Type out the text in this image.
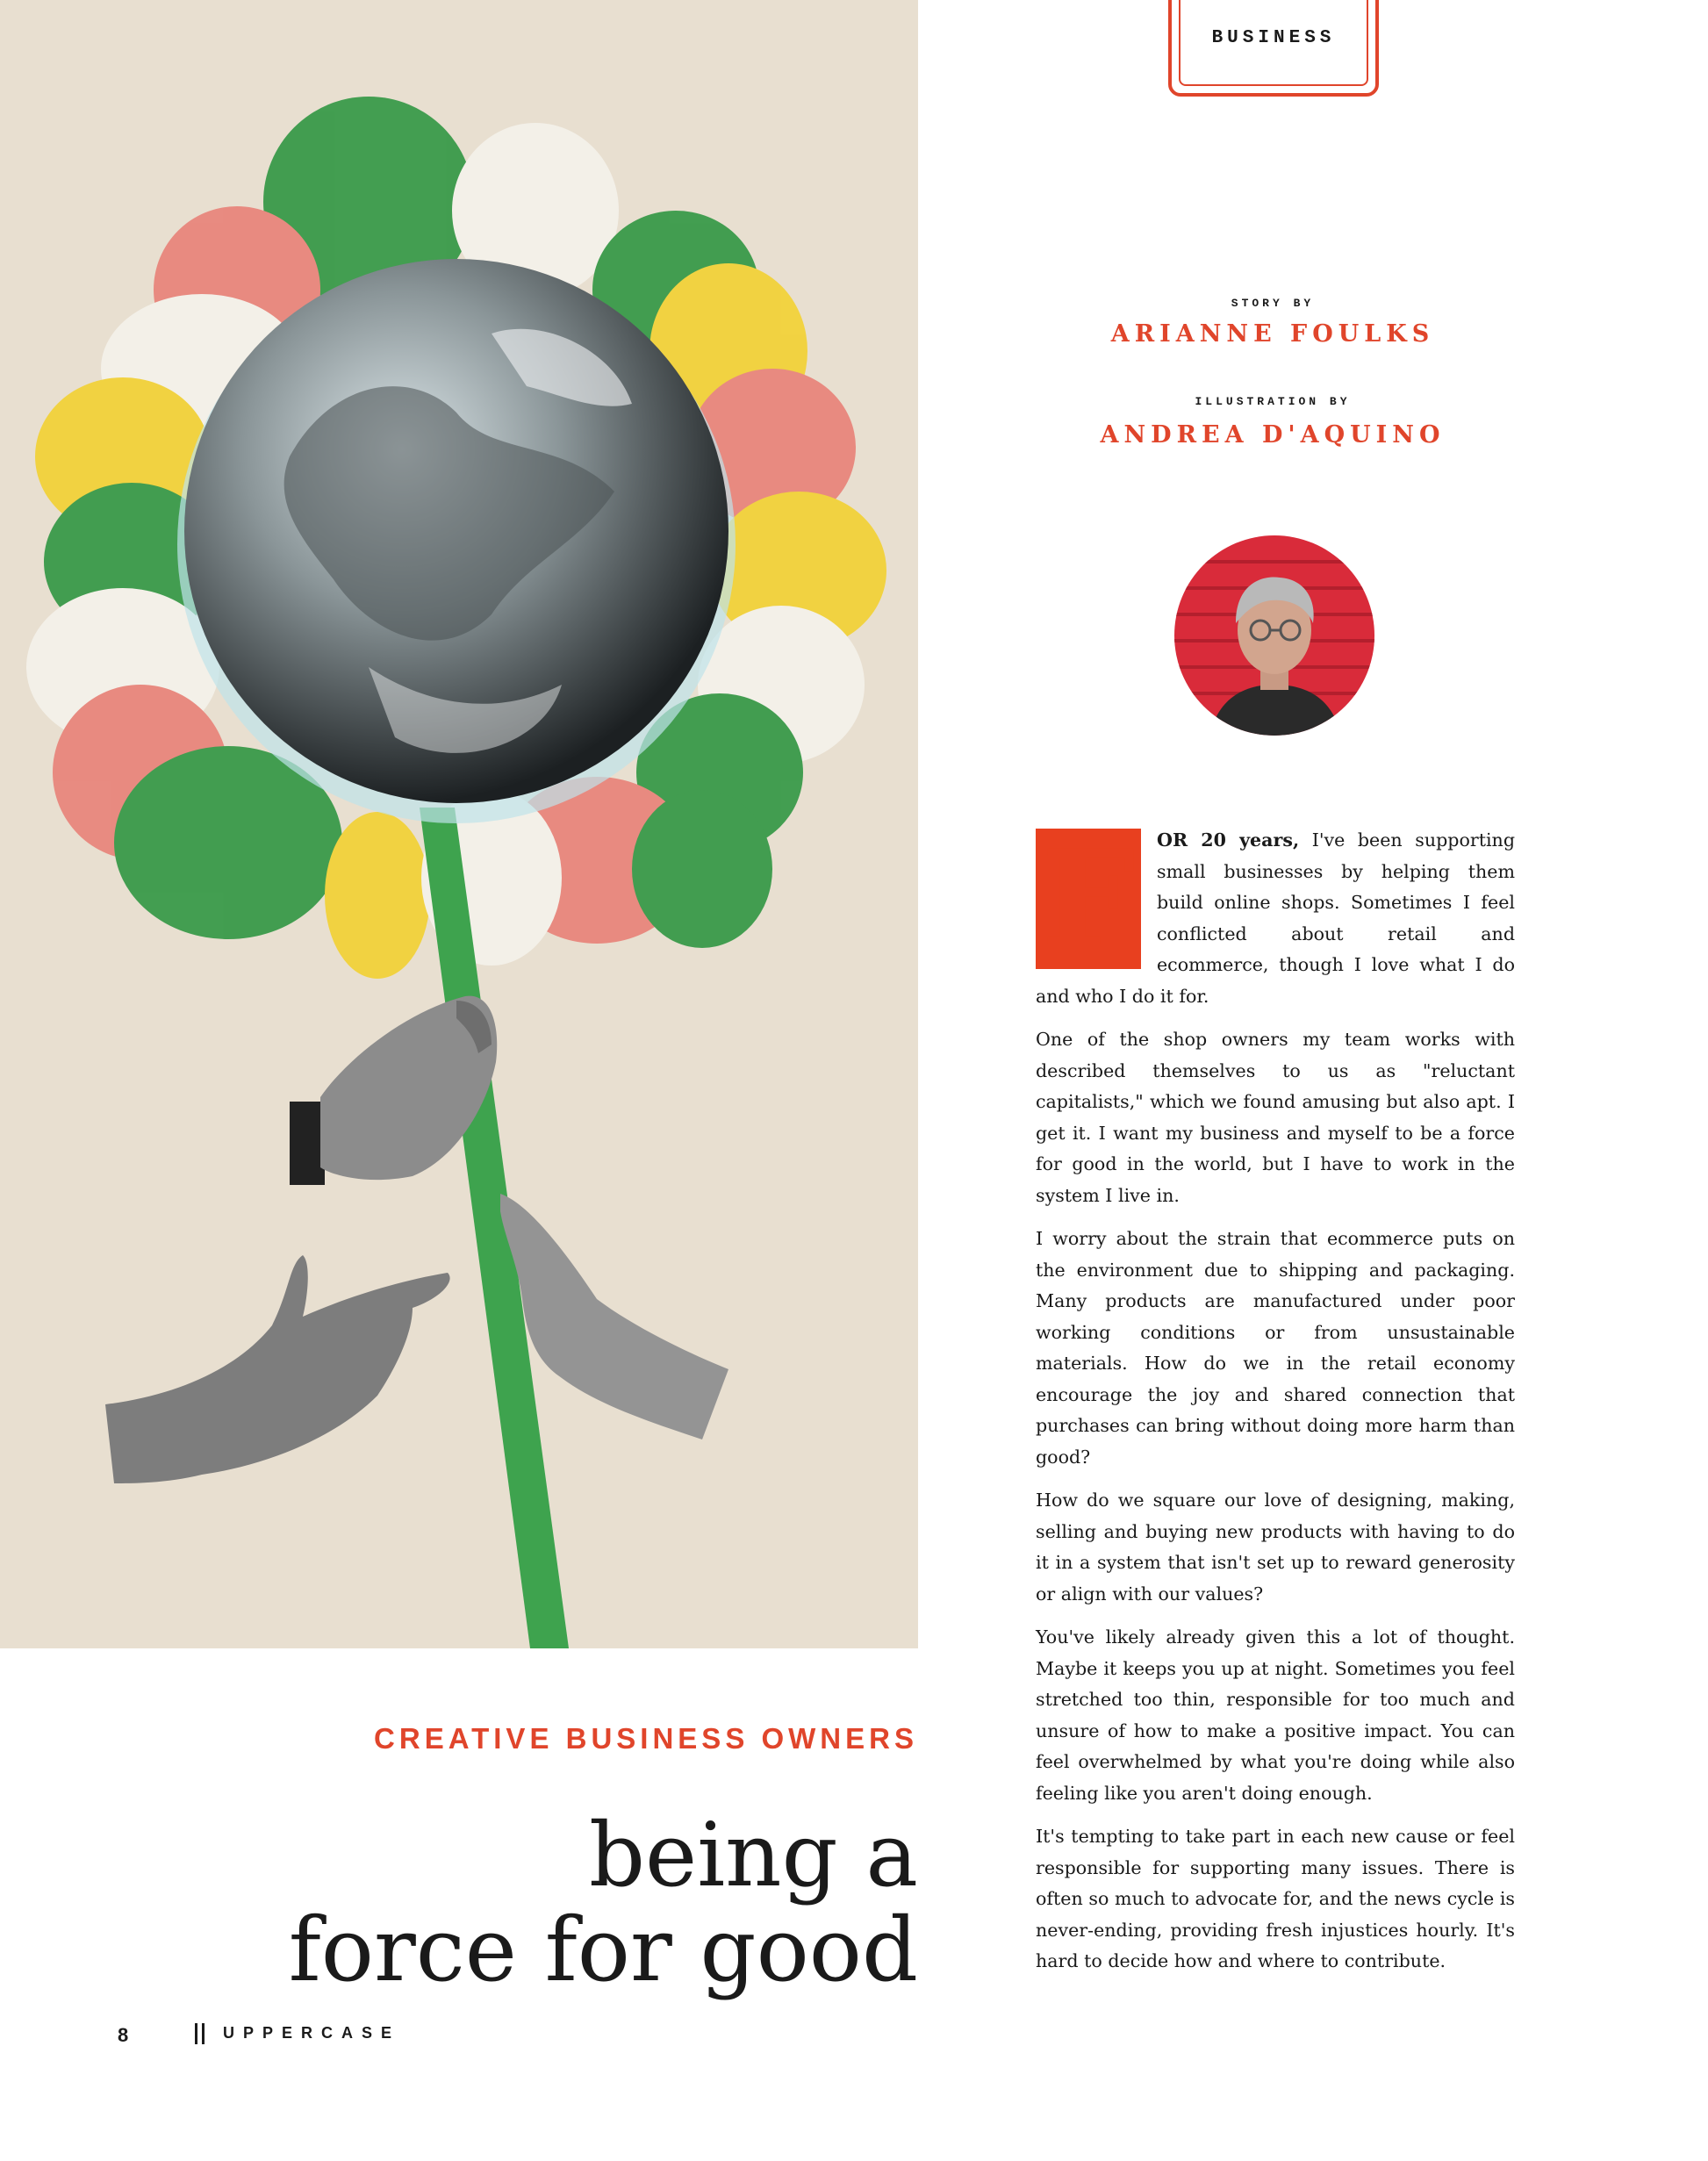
BUSINESS
STORY BY
ARIANNE FOULKS
ILLUSTRATION BY
ANDREA D'AQUINO
CREATIVE BUSINESS OWNERS
being a
force for good

F OR 20 years, I've been supporting small businesses by helping them build online shops. Sometimes I feel conflicted about retail and ecommerce, though I love what I do and who I do it for.

One of the shop owners my team works with described themselves to us as "reluctant capitalists," which we found amusing but also apt. I get it. I want my business and myself to be a force for good in the world, but I have to work in the system I live in.

I worry about the strain that ecommerce puts on the environment due to shipping and packaging. Many products are manufactured under poor working conditions or from unsustainable materials. How do we in the retail economy encourage the joy and shared connection that purchases can bring without doing more harm than good?

How do we square our love of designing, making, selling and buying new products with having to do it in a system that isn't set up to reward generosity or align with our values?

You've likely already given this a lot of thought. Maybe it keeps you up at night. Sometimes you feel stretched too thin, responsible for too much and unsure of how to make a positive impact. You can feel overwhelmed by what you're doing while also feeling like you aren't doing enough.

It's tempting to take part in each new cause or feel responsible for supporting many issues. There is often so much to advocate for, and the news cycle is never-ending, providing fresh injustices hourly. It's hard to decide how and where to contribute.

8	UPPERCASE
